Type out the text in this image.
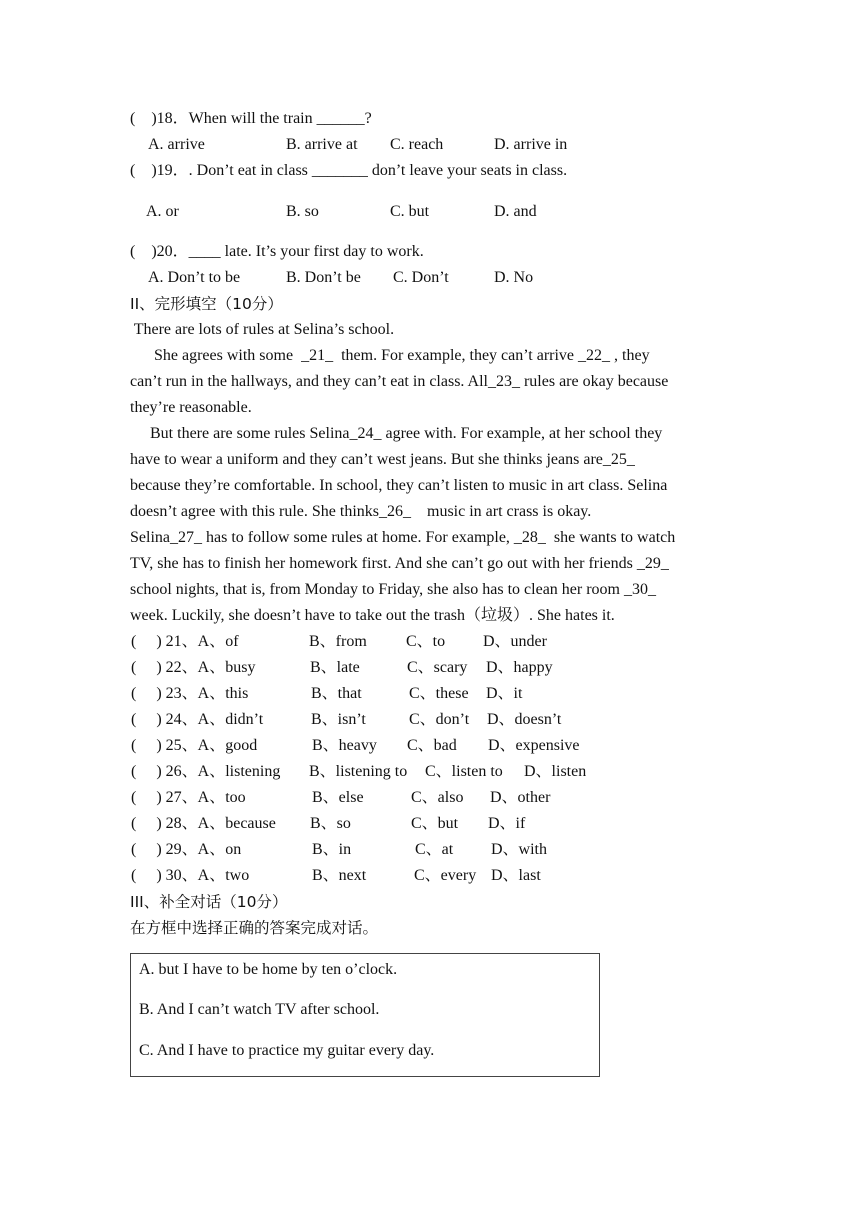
(    )18．When will the train ______?
A. arrive	B. arrive at C. reach	D. arrive in
(    )19．. Don’t eat in class _______ don’t leave your seats in class.
A. or	B. so	C. but	D. and
(    )20．____ late. It’s your first day to work.
A. Don’t to be	B. Don’t be C. Don’t	D. No
II、完形填空（10分）
There are lots of rules at Selina’s school.
She agrees with some  _21_  them. For example, they can’t arrive _22_ , they
can’t run in the hallways, and they can’t eat in class. All_23_ rules are okay because
they’re reasonable.
But there are some rules Selina_24_ agree with. For example, at her school they
have to wear a uniform and they can’t west jeans. But she thinks jeans are_25_
because they’re comfortable. In school, they can’t listen to music in art class. Selina
doesn’t agree with this rule. She thinks_26_    music in art crass is okay.
Selina_27_ has to follow some rules at home. For example, _28_  she wants to watch
TV, she has to finish her homework first. And she can’t go out with her friends _29_
school nights, that is, from Monday to Friday, she also has to clean her room _30_
week. Luckily, she doesn’t have to take out the trash（垃圾）. She hates it.
(     ) 21、A、of	B、from C、to D、under
(     ) 22、A、busy	B、late	C、scary D、happy
(     ) 23、A、this	B、that	C、these D、it
(     ) 24、A、didn’t	B、isn’t	C、don’t D、doesn’t
(     ) 25、A、good	B、heavy C、bad D、expensive
(     ) 26、A、listening B、listening to C、listen to D、listen
(     ) 27、A、too	B、else	C、also D、other
(     ) 28、A、because B、so	C、but D、if
(     ) 29、A、on	B、in	C、at D、with
(     ) 30、A、two	B、next	C、every D、last
III、补全对话（10分）
在方框中选择正确的答案完成对话。
A. but I have to be home by ten o’clock.
B. And I can’t watch TV after school.
C. And I have to practice my guitar every day.
